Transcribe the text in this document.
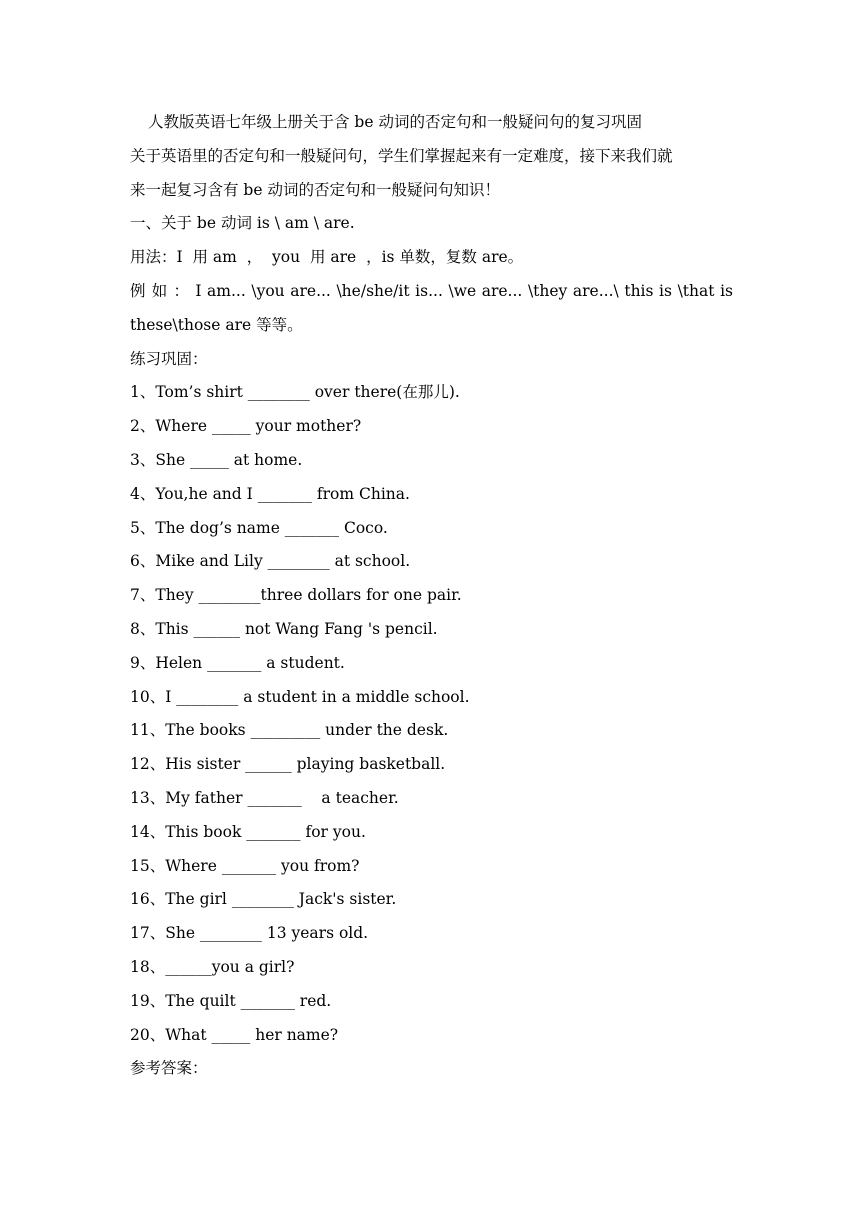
人教版英语七年级上册关于含 be 动词的否定句和一般疑问句的复习巩固

关于英语里的否定句和一般疑问句，学生们掌握起来有一定难度，接下来我们就

来一起复习含有 be 动词的否定句和一般疑问句知识！

一、关于 be 动词 is \ am \ are.

用法：I  用 am  ，  you  用 are  ，is 单数，复数 are。

例 如 ： I am... \you are... \he/she/it is... \we are... \they are...\ this is \that is

these\those are 等等。

练习巩固：

1、Tom’s shirt ________ over there(在那儿).

2、Where _____ your mother?

3、She _____ at home.

4、You,he and I _______ from China.

5、The dog’s name _______ Coco.

6、Mike and Lily ________ at school.

7、They ________three dollars for one pair.

8、This ______ not Wang Fang 's pencil.

9、Helen _______ a student.

10、I ________ a student in a middle school.

11、The books _________ under the desk.

12、His sister ______ playing basketball.

13、My father _______    a teacher.

14、This book _______ for you.

15、Where _______ you from?

16、The girl ________ Jack's sister.

17、She ________ 13 years old.

18、______you a girl?

19、The quilt _______ red.

20、What _____ her name?

参考答案：
